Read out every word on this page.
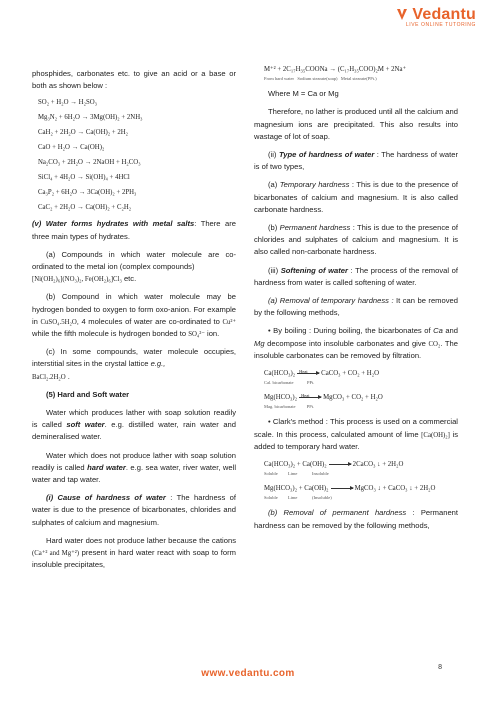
Vedantu
LIVE ONLINE TUTORING

phosphides, carbonates etc. to give an acid or a base or both as shown below :

SO₂ + H₂O → H₂SO₃
Mg₃N₂ + 6H₂O → 3Mg(OH)₂ + 2NH₃
CaH₂ + 2H₂O → Ca(OH)₂ + 2H₂
CaO + H₂O → Ca(OH)₂
Na₂CO₃ + 2H₂O → 2NaOH + H₂CO₃
SiCl₄ + 4H₂O → Si(OH)₄ + 4HCl
Ca₃P₂ + 6H₂O → 3Ca(OH)₂ + 2PH₃
CaC₂ + 2H₂O → Ca(OH)₂ + C₂H₂

(v) Water forms hydrates with metal salts: There are three main types of hydrates.

(a) Compounds in which water molecule are co-ordinated to the metal ion (complex compounds)
[Ni(OH₂)₆](NO₃)₂, Fe(OH₂)₆]Cl₃ etc.

(b) Compound in which water molecule may be hydrogen bonded to oxygen to form oxo-anion. For example in CuSO₄.5H₂O, 4 molecules of water are co-ordinated to Cu²⁺ while the fifth molecule is hydrogen bonded to SO₄²⁻ ion.

(c) In some compounds, water molecule occupies, interstitial sites in the crystal lattice e.g.,
BaCl₂.2H₂O .

(5) Hard and Soft water

Water which produces lather with soap solution readily is called soft water. e.g. distilled water, rain water and demineralised water.

Water which does not produce lather with soap solution readily is called hard water. e.g. sea water, river water, well water and tap water.

(i) Cause of hardness of water : The hardness of water is due to the presence of bicarbonates, chlorides and sulphates of calcium and magnesium.

Hard water does not produce lather because the cations (Ca⁺² and Mg⁺²) present in hard water react with soap to form insoluble precipitates,

M⁺² + 2C₁₇H₃₅COONa → (C₁₇H₃₅COO)₂M + 2Na⁺
From hard water Sodium stearate(soap) Metal stearate(PPt.)

Where M = Ca or Mg

Therefore, no lather is produced until all the calcium and magnesium ions are precipitated. This also results into wastage of lot of soap.

(ii) Type of hardness of water : The hardness of water is of two types,

(a) Temporary hardness : This is due to the presence of bicarbonates of calcium and magnesium. It is also called carbonate hardness.

(b) Permanent hardness : This is due to the presence of chlorides and sulphates of calcium and magnesium. It is also called non-carbonate hardness.

(iii) Softening of water : The process of the removal of hardness from water is called softening of water.

(a) Removal of temporary hardness : It can be removed by the following methods,

• By boiling : During boiling, the bicarbonates of Ca and Mg decompose into insoluble carbonates and give CO₂. The insoluble carbonates can be removed by filtration.

Ca(HCO₃)₂ Heat CaCO₃ + CO₂ + H₂O
Cal. bicarbonate	PPt.
Mg(HCO₃)₂ Heat MgCO₃ + CO₂ + H₂O
Mag. bicarbonate	PPt.

• Clark's method : This process is used on a commercial scale. In this process, calculated amount of lime [Ca(OH)₂] is added to temporary hard water.

Ca(HCO₃)₂ + Ca(OH)₂	2CaCO₃ ↓ + 2H₂O
Soluble Lime	Insoluble
Mg(HCO₃)₂ + Ca(OH)₂	MgCO₃ ↓ + CaCO₃ ↓ + 2H₂O
Soluble Lime	(Insoluble)

(b) Removal of permanent hardness : Permanent hardness can be removed by the following methods,

8
www.vedantu.com
